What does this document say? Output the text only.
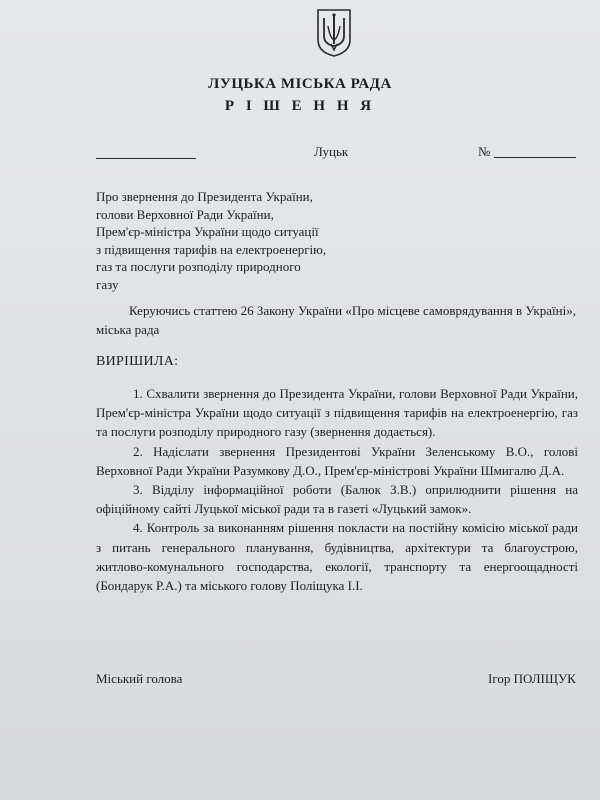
ЛУЦЬКА МІСЬКА РАДА
Р І Ш Е Н Н Я
Луцьк	№
Про звернення до Президента України,
голови Верховної Ради України,
Прем'єр-міністра України щодо ситуації
з підвищення тарифів на електроенергію,
газ та послуги розподілу природного
газу
Керуючись статтею 26 Закону України «Про місцеве самоврядування в Україні», міська рада
ВИРІШИЛА:

1. Схвалити звернення до Президента України, голови Верховної Ради України, Прем'єр-міністра України щодо ситуації з підвищення тарифів на електроенергію, газ та послуги розподілу природного газу (звернення додається).

2. Надіслати звернення Президентові України Зеленському В.О., голові Верховної Ради України Разумкову Д.О., Прем'єр-міністрові України Шмигалю Д.А.

3. Відділу інформаційної роботи (Балюк З.В.) оприлюднити рішення на офіційному сайті Луцької міської ради та в газеті «Луцький замок».

4. Контроль за виконанням рішення покласти на постійну комісію міської ради з питань генерального планування, будівництва, архітектури та благоустрою, житлово-комунального господарства, екології, транспорту та енергоощадності (Бондарук Р.А.) та міського голову Поліщука І.І.

Міський голова	Ігор ПОЛІЩУК
